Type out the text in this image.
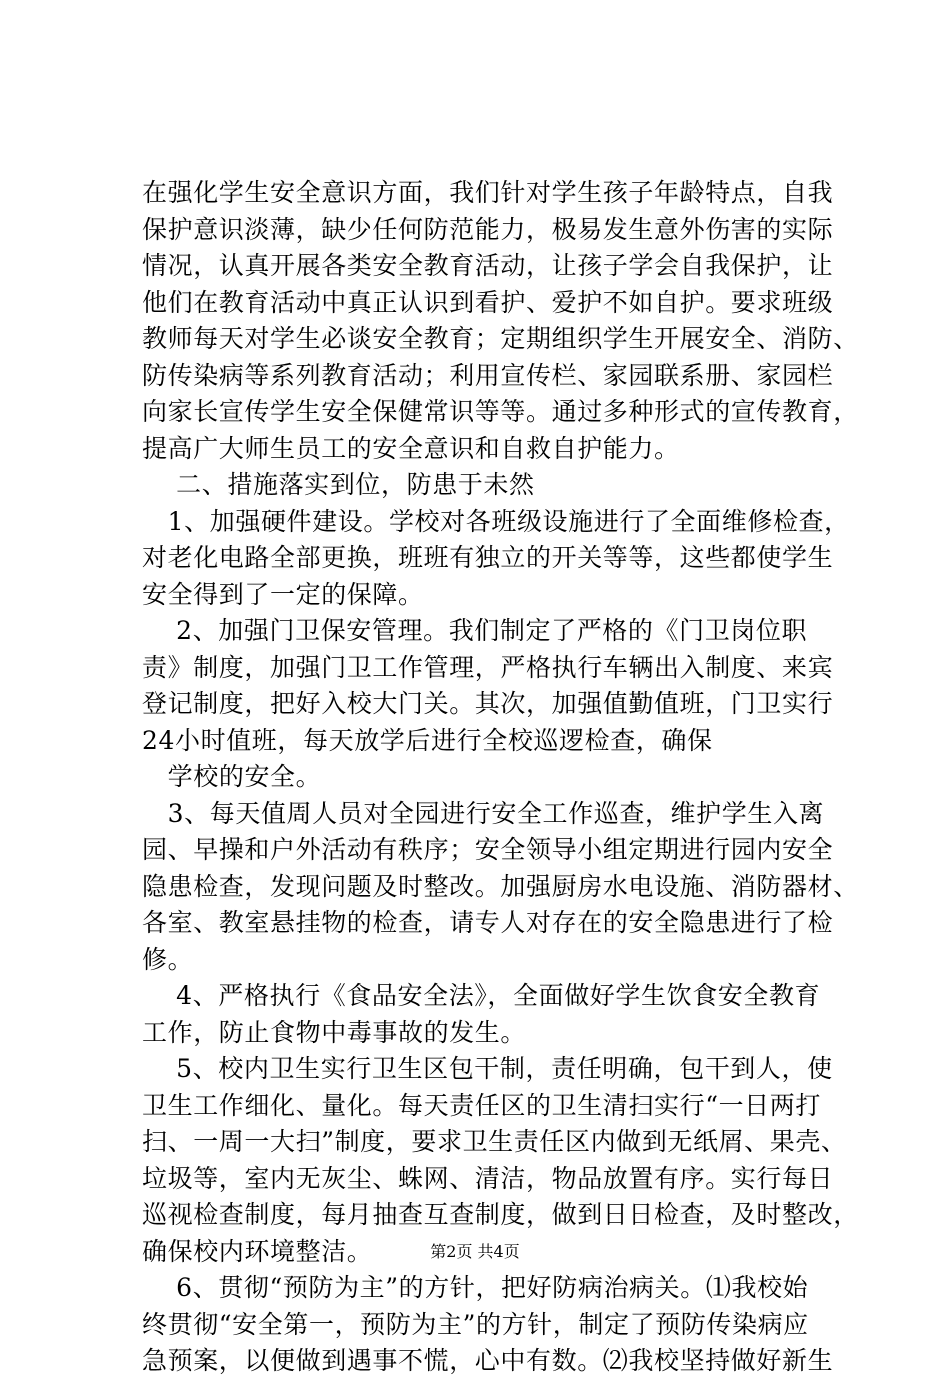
在强化学生安全意识方面，我们针对学生孩子年龄特点，自我
保护意识淡薄，缺少任何防范能力，极易发生意外伤害的实际
情况，认真开展各类安全教育活动，让孩子学会自我保护，让
他们在教育活动中真正认识到看护、爱护不如自护。要求班级
教师每天对学生必谈安全教育；定期组织学生开展安全、消防、
防传染病等系列教育活动；利用宣传栏、家园联系册、家园栏
向家长宣传学生安全保健常识等等。通过多种形式的宣传教育，
提高广大师生员工的安全意识和自救自护能力。
二、措施落实到位，防患于未然
1、加强硬件建设。学校对各班级设施进行了全面维修检查，
对老化电路全部更换，班班有独立的开关等等，这些都使学生
安全得到了一定的保障。
2、加强门卫保安管理。我们制定了严格的《门卫岗位职
责》制度，加强门卫工作管理，严格执行车辆出入制度、来宾
登记制度，把好入校大门关。其次，加强值勤值班，门卫实行
24小时值班，每天放学后进行全校巡逻检查，确保
学校的安全。
3、每天值周人员对全园进行安全工作巡查，维护学生入离
园、早操和户外活动有秩序；安全领导小组定期进行园内安全
隐患检查，发现问题及时整改。加强厨房水电设施、消防器材、
各室、教室悬挂物的检查，请专人对存在的安全隐患进行了检
修。
4、严格执行《食品安全法》，全面做好学生饮食安全教育
工作，防止食物中毒事故的发生。
5、校内卫生实行卫生区包干制，责任明确，包干到人，使
卫生工作细化、量化。每天责任区的卫生清扫实行“一日两打
扫、一周一大扫”制度，要求卫生责任区内做到无纸屑、果壳、
垃圾等，室内无灰尘、蛛网、清洁，物品放置有序。实行每日
巡视检查制度，每月抽查互查制度，做到日日检查，及时整改，
确保校内环境整洁。
6、贯彻“预防为主”的方针，把好防病治病关。⑴我校始
终贯彻“安全第一，预防为主”的方针，制定了预防传染病应
急预案，以便做到遇事不慌，心中有数。⑵我校坚持做好新生
第2页 共4页
